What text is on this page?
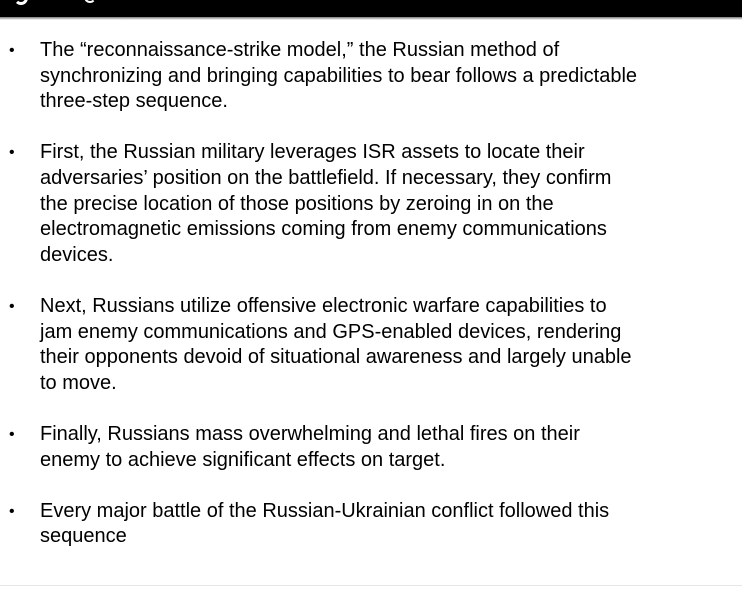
• The “reconnaissance-strike model,” the Russian method of synchronizing and bringing capabilities to bear follows a predictable three-step sequence.
• First, the Russian military leverages ISR assets to locate their adversaries’ position on the battlefield. If necessary, they confirm the precise location of those positions by zeroing in on the electromagnetic emissions coming from enemy communications devices.
• Next, Russians utilize offensive electronic warfare capabilities to jam enemy communications and GPS-enabled devices, rendering their opponents devoid of situational awareness and largely unable to move.
• Finally, Russians mass overwhelming and lethal fires on their enemy to achieve significant effects on target.
• Every major battle of the Russian-Ukrainian conflict followed this sequence
